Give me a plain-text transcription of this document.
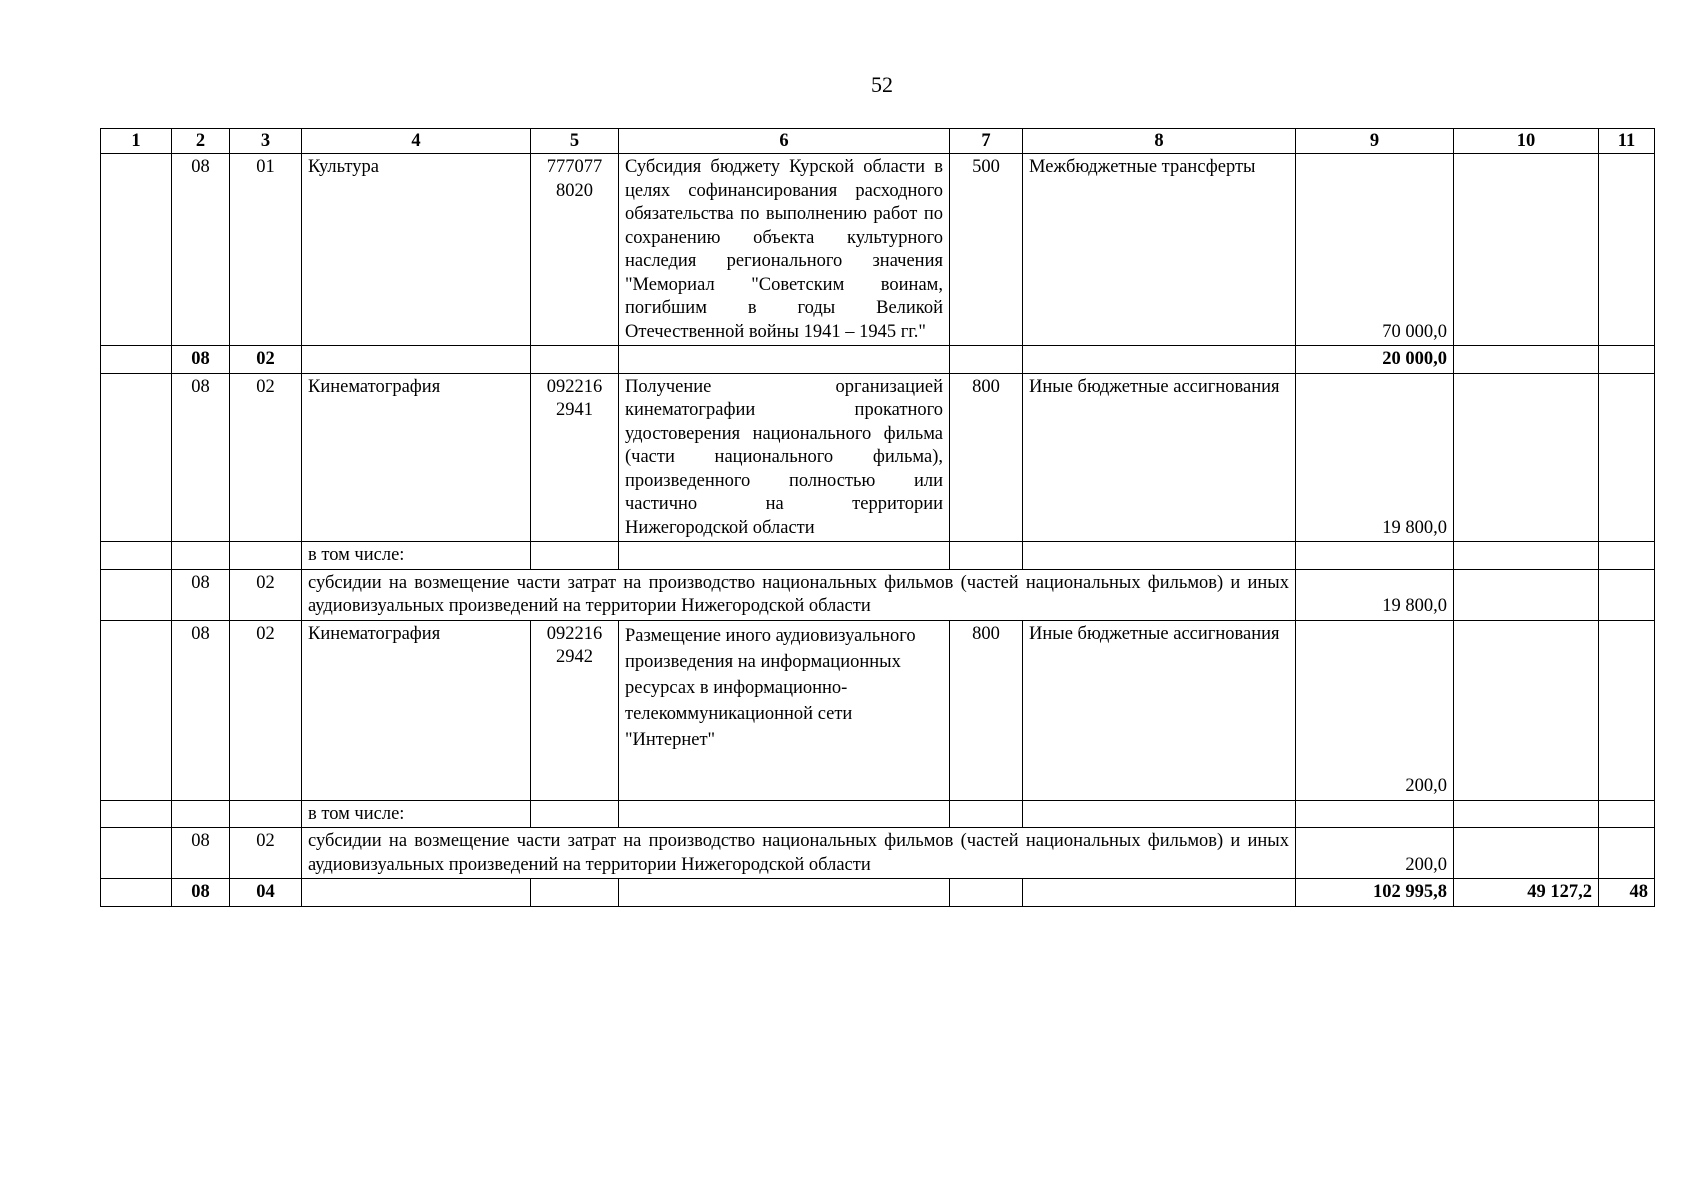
52
1	2	3	4	5	6	7	8	9	10	11
	08	01	Культура	777077 8020	Субсидия бюджету Курской области в целях софинансирования расходного обязательства по выполнению работ по сохранению объекта культурного наследия регионального значения "Мемориал "Советским воинам, погибшим в годы Великой Отечественной войны 1941 – 1945 гг."	500	Межбюджетные трансферты	70 000,0		
	08	02						20 000,0		
	08	02	Кинематография	092216 2941	Получение организацией кинематографии прокатного удостоверения национального фильма (части национального фильма), произведенного полностью или частично на территории Нижегородской области	800	Иные бюджетные ассигнования	19 800,0		
			в том числе:							
	08	02	субсидии на возмещение части затрат на производство национальных фильмов (частей национальных фильмов) и иных аудиовизуальных произведений на территории Нижегородской области					19 800,0		
	08	02	Кинематография	092216 2942	Размещение иного аудиовизуального произведения на информационных ресурсах в информационно-телекоммуникационной сети "Интернет"	800	Иные бюджетные ассигнования	200,0		
			в том числе:							
	08	02	субсидии на возмещение части затрат на производство национальных фильмов (частей национальных фильмов) и иных аудиовизуальных произведений на территории Нижегородской области					200,0		
	08	04						102 995,8	49 127,2	48
